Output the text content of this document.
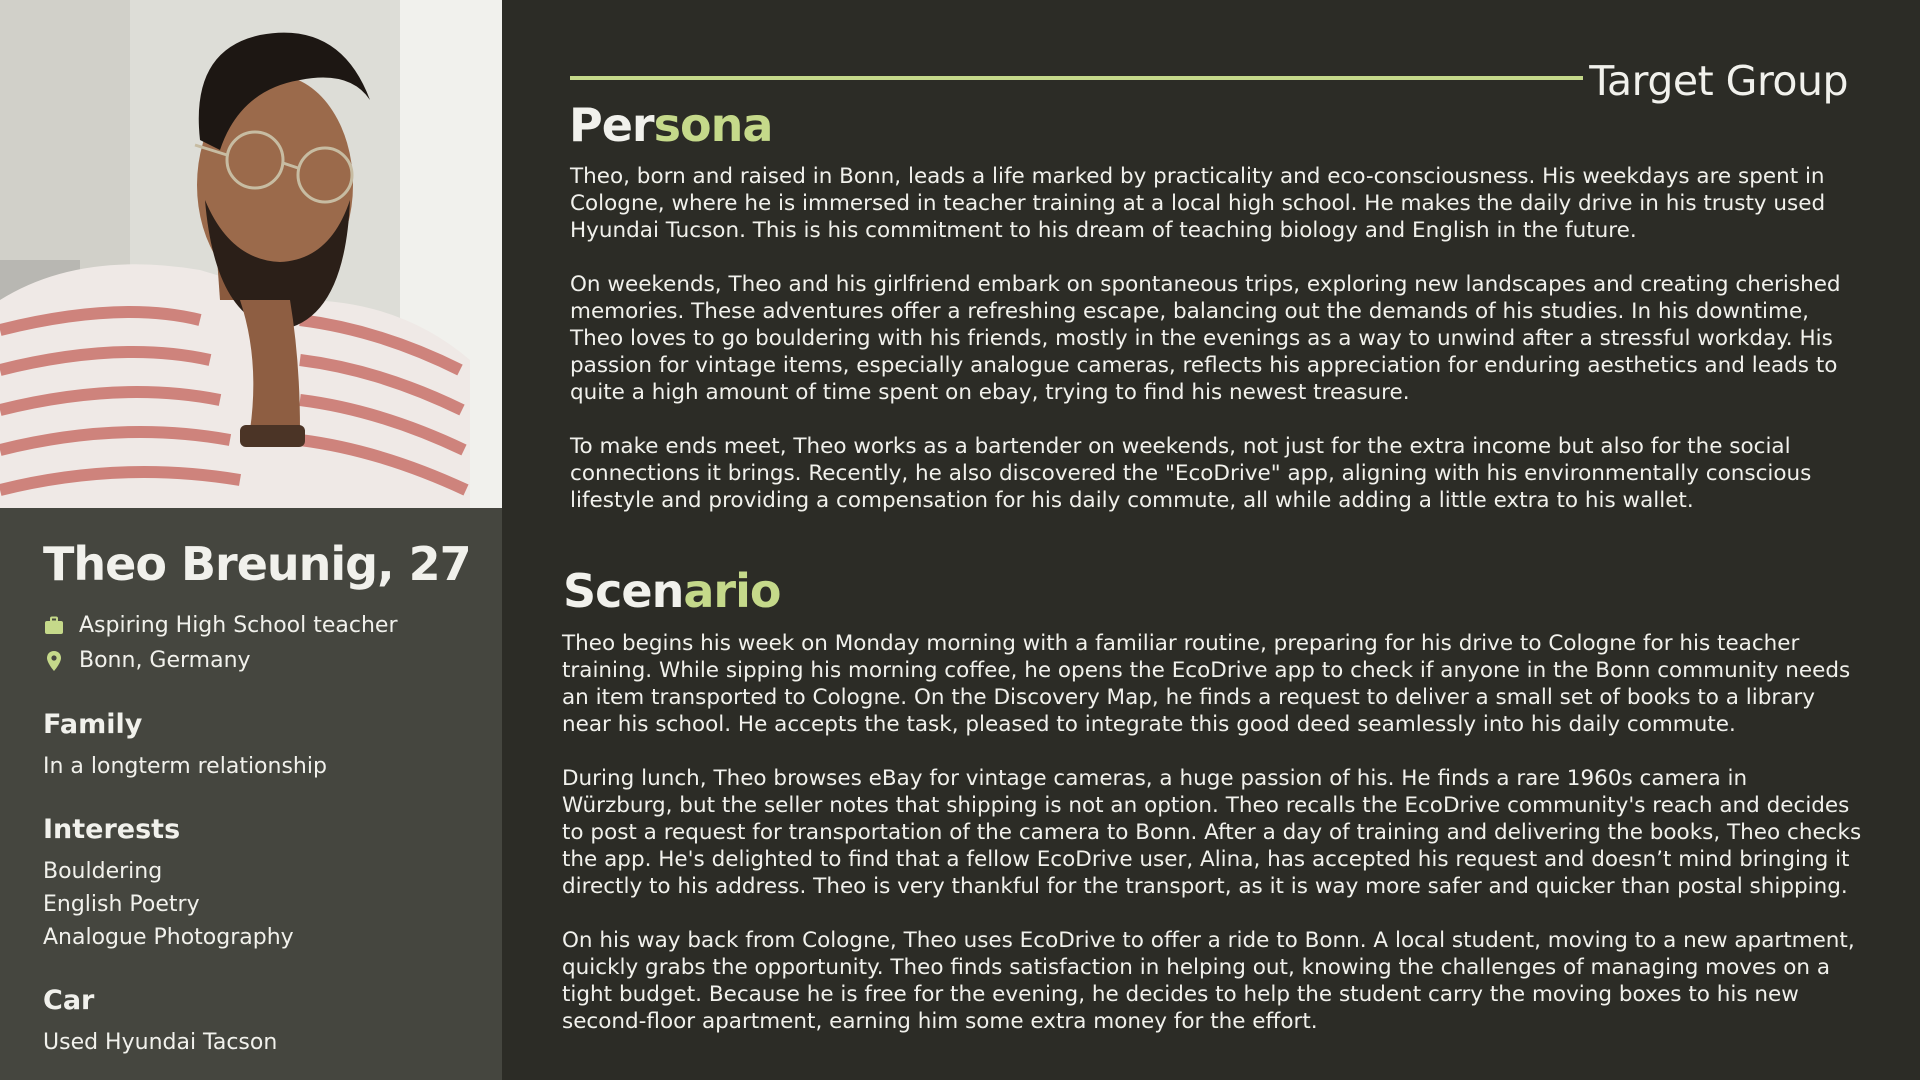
Theo Breunig, 27
Aspiring High School teacher
Bonn, Germany
Family
In a longterm relationship
Interests
Bouldering
English Poetry
Analogue Photography
Car
Used Hyundai Tacson
Target Group
Persona

Theo, born and raised in Bonn, leads a life marked by practicality and eco-consciousness. His weekdays are spent in Cologne, where he is immersed in teacher training at a local high school. He makes the daily drive in his trusty used Hyundai Tucson. This is his commitment to his dream of teaching biology and English in the future.

On weekends, Theo and his girlfriend embark on spontaneous trips, exploring new landscapes and creating cherished memories. These adventures offer a refreshing escape, balancing out the demands of his studies. In his downtime, Theo loves to go bouldering with his friends, mostly in the evenings as a way to unwind after a stressful workday. His passion for vintage items, especially analogue cameras, reflects his appreciation for enduring aesthetics and leads to quite a high amount of time spent on ebay, trying to find his newest treasure.

To make ends meet, Theo works as a bartender on weekends, not just for the extra income but also for the social connections it brings. Recently, he also discovered the "EcoDrive" app, aligning with his environmentally conscious lifestyle and providing a compensation for his daily commute, all while adding a little extra to his wallet.

Scenario

Theo begins his week on Monday morning with a familiar routine, preparing for his drive to Cologne for his teacher training. While sipping his morning coffee, he opens the EcoDrive app to check if anyone in the Bonn community needs an item transported to Cologne. On the Discovery Map, he finds a request to deliver a small set of books to a library near his school. He accepts the task, pleased to integrate this good deed seamlessly into his daily commute.

During lunch, Theo browses eBay for vintage cameras, a huge passion of his. He finds a rare 1960s camera in Würzburg, but the seller notes that shipping is not an option. Theo recalls the EcoDrive community's reach and decides to post a request for transportation of the camera to Bonn. After a day of training and delivering the books, Theo checks the app. He's delighted to find that a fellow EcoDrive user, Alina, has accepted his request and doesn’t mind bringing it directly to his address. Theo is very thankful for the transport, as it is way more safer and quicker than postal shipping.

On his way back from Cologne, Theo uses EcoDrive to offer a ride to Bonn. A local student, moving to a new apartment, quickly grabs the opportunity. Theo finds satisfaction in helping out, knowing the challenges of managing moves on a tight budget. Because he is free for the evening, he decides to help the student carry the moving boxes to his new second-floor apartment, earning him some extra money for the effort.
